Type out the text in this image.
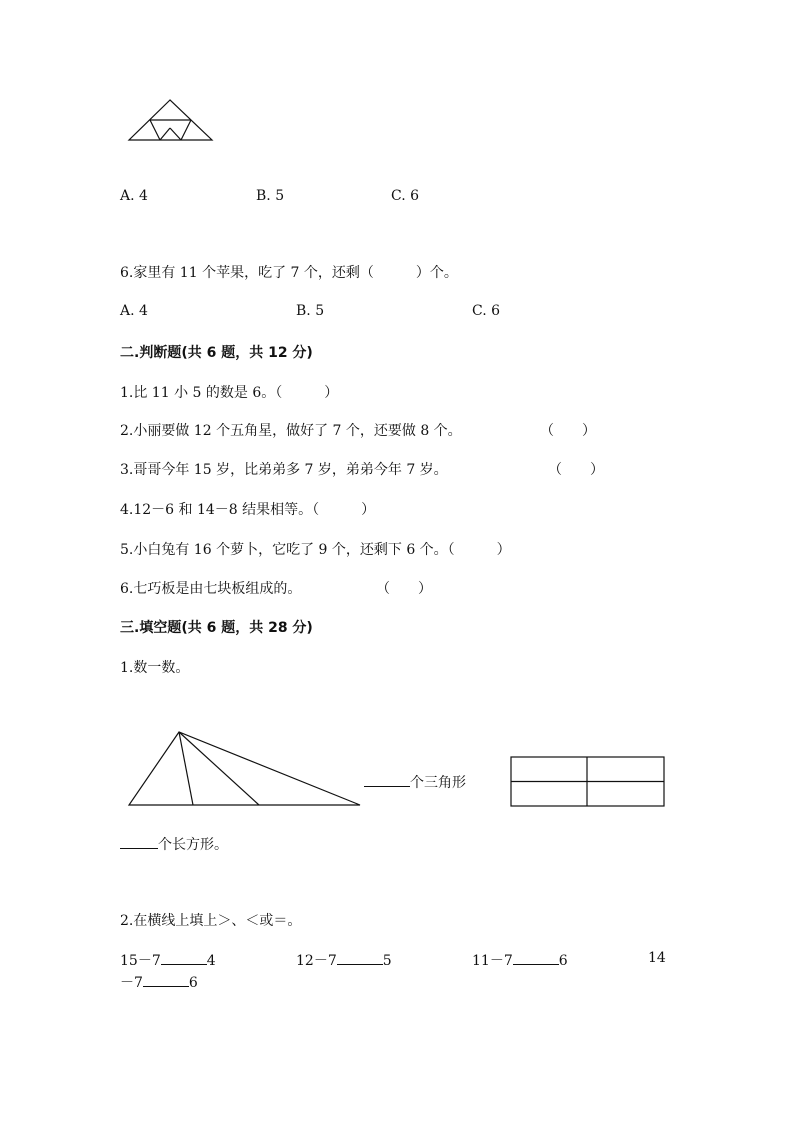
A. 4	B. 5	C. 6
6.家里有 11 个苹果，吃了 7 个，还剩（　　　）个。
A. 4	B. 5	C. 6
二.判断题(共 6 题，共 12 分)
1.比 11 小 5 的数是 6。（　　　）
2.小丽要做 12 个五角星，做好了 7 个，还要做 8 个。	（　　）
3.哥哥今年 15 岁，比弟弟多 7 岁，弟弟今年 7 岁。	（　　）
4.12－6 和 14－8 结果相等。（　　　）
5.小白兔有 16 个萝卜，它吃了 9 个，还剩下 6 个。（　　　）
6.七巧板是由七块板组成的。	（　　）
三.填空题(共 6 题，共 28 分)
1.数一数。
个三角形
个长方形。
2.在横线上填上＞、＜或＝。
15－7	4	12－7	5	11－7	6	14
－7	6
